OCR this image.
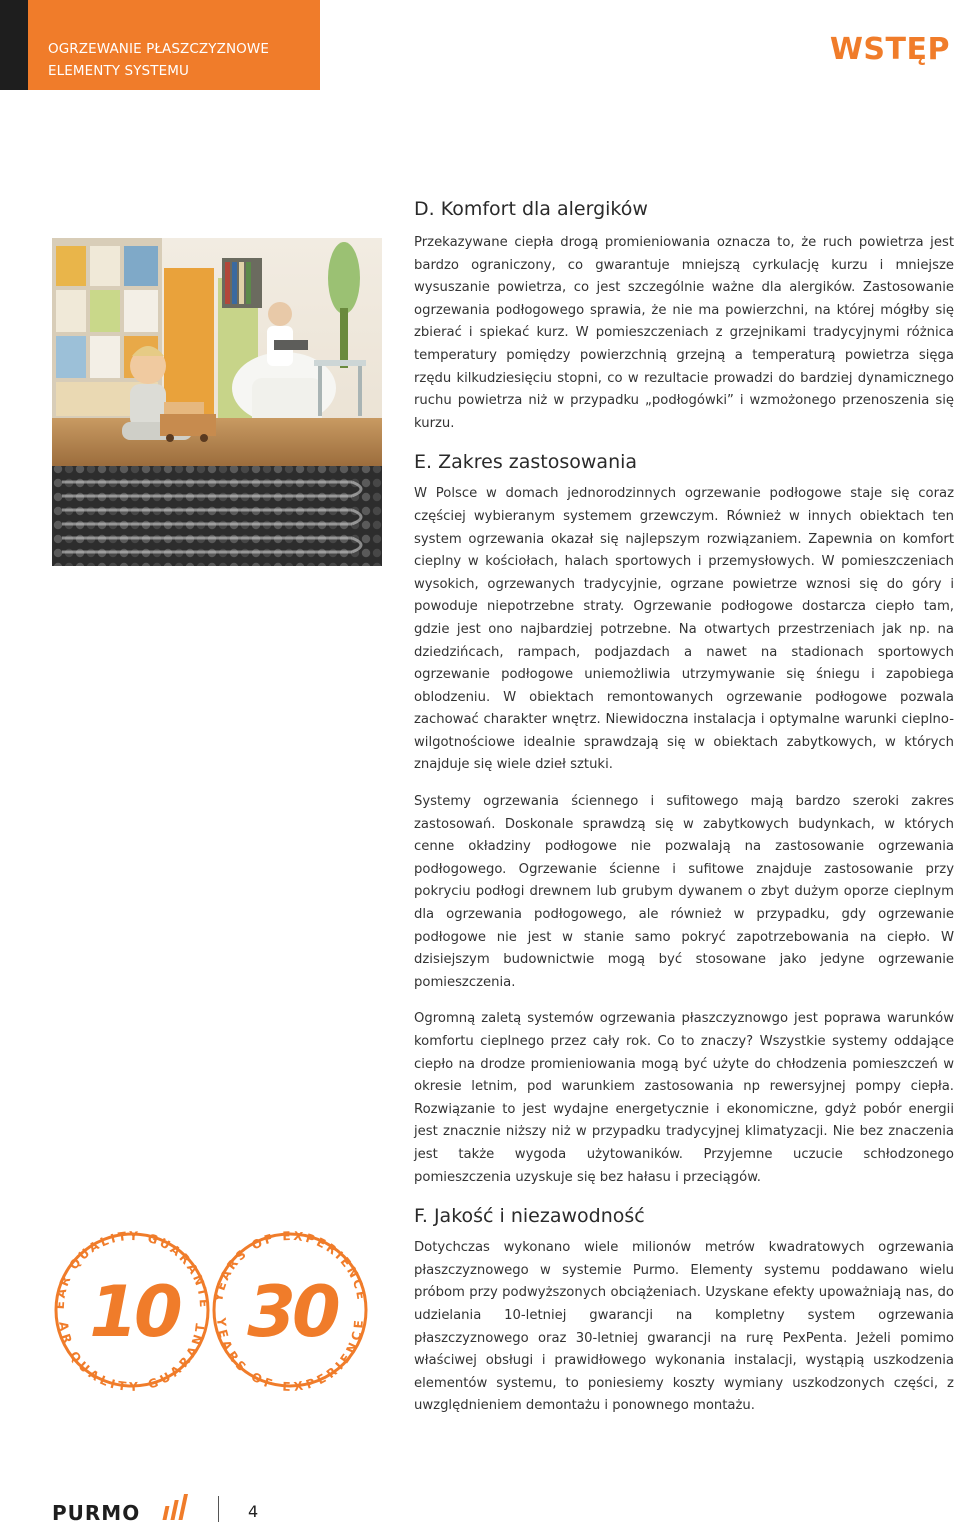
OGRZEWANIE PŁASZCZYZNOWE
ELEMENTY SYSTEMU
WSTĘP
D. Komfort dla alergików

Przekazywane ciepła drogą promieniowania oznacza to, że ruch powietrza jest bardzo ograniczony, co gwarantuje mniejszą cyrkulację kurzu i mniejsze wysuszanie powietrza, co jest szczególnie ważne dla alergików. Zastosowanie ogrzewania podłogowego sprawia, że nie ma powierzchni, na której mógłby się zbierać i spiekać kurz. W pomieszczeniach z grzejnikami tradycyjnymi różnica temperatury pomiędzy powierzchnią grzejną a temperaturą powietrza sięga rzędu kilkudziesięciu stopni, co w rezultacie prowadzi do bardziej dynamicznego ruchu powietrza niż w przypadku „podłogówki” i wzmożonego przenoszenia się kurzu.

E. Zakres zastosowania

W Polsce w domach jednorodzinnych ogrzewanie podłogowe staje się coraz częściej wybieranym systemem grzewczym. Również w innych obiektach ten system ogrzewania okazał się najlepszym rozwiązaniem. Zapewnia on komfort cieplny w kościołach, halach sportowych i przemysłowych. W pomieszczeniach wysokich, ogrzewanych tradycyjnie, ogrzane powietrze wznosi się do góry i powoduje niepotrzebne straty. Ogrzewanie podłogowe dostarcza ciepło tam, gdzie jest ono najbardziej potrzebne. Na otwartych przestrzeniach jak np. na dziedzińcach, rampach, podjazdach a nawet na stadionach sportowych ogrzewanie podłogowe uniemożliwia utrzymywanie się śniegu i zapobiega oblodzeniu. W obiektach remontowanych ogrzewanie podłogowe pozwala zachować charakter wnętrz. Niewidoczna instalacja i optymalne warunki cieplno-wilgotnościowe idealnie sprawdzają się w obiektach zabytkowych, w których znajduje się wiele dzieł sztuki.

Systemy ogrzewania ściennego i sufitowego mają bardzo szeroki zakres zastosowań. Doskonale sprawdzą się w zabytkowych budynkach, w których cenne okładziny podłogowe nie pozwalają na zastosowanie ogrzewania podłogowego. Ogrzewanie ścienne i sufitowe znajduje zastosowanie przy pokryciu podłogi drewnem lub grubym dywanem o zbyt dużym oporze cieplnym dla ogrzewania podłogowego, ale również w przypadku, gdy ogrzewanie podłogowe nie jest w stanie samo pokryć zapotrzebowania na ciepło. W dzisiejszym budownictwie mogą być stosowane jako jedyne ogrzewanie pomieszczenia.

Ogromną zaletą systemów ogrzewania płaszczyznowgo jest poprawa warunków komfortu cieplnego przez cały rok. Co to znaczy? Wszystkie systemy oddające ciepło na drodze promieniowania mogą być użyte do chłodzenia pomieszczeń w okresie letnim, pod warunkiem zastosowania np rewersyjnej pompy ciepła. Rozwiązanie to jest wydajne energetycznie i ekonomiczne, gdyż pobór energii jest znacznie niższy niż w przypadku tradycyjnej klimatyzacji. Nie bez znaczenia jest także wygoda użytowaników. Przyjemne uczucie schłodzonego pomieszczenia uzyskuje się bez hałasu i przeciągów.

F. Jakość i niezawodność

Dotychczas wykonano wiele milionów metrów kwadratowych ogrzewania płaszczyznowego w systemie Purmo. Elementy systemu poddawano wielu próbom przy podwyższonych obciążeniach. Uzyskane efekty upoważniają nas, do udzielania 10-letniej gwarancji na kompletny system ogrzewania płaszczyznowego oraz 30-letniej gwarancji na rurę PexPenta. Jeżeli pomimo właściwej obsługi i prawidłowego wykonania instalacji, wystąpią uszkodzenia elementów systemu, to poniesiemy koszty wymiany uszkodzonych części, z uwzględnieniem demontażu i ponownego montażu.

EAR QUALITY GUARANTE
AR QUALITY GUARANT
10	YEARS OF EXPERIENCE
YEARS OF EXPERIENCE
30
PURMO	4
